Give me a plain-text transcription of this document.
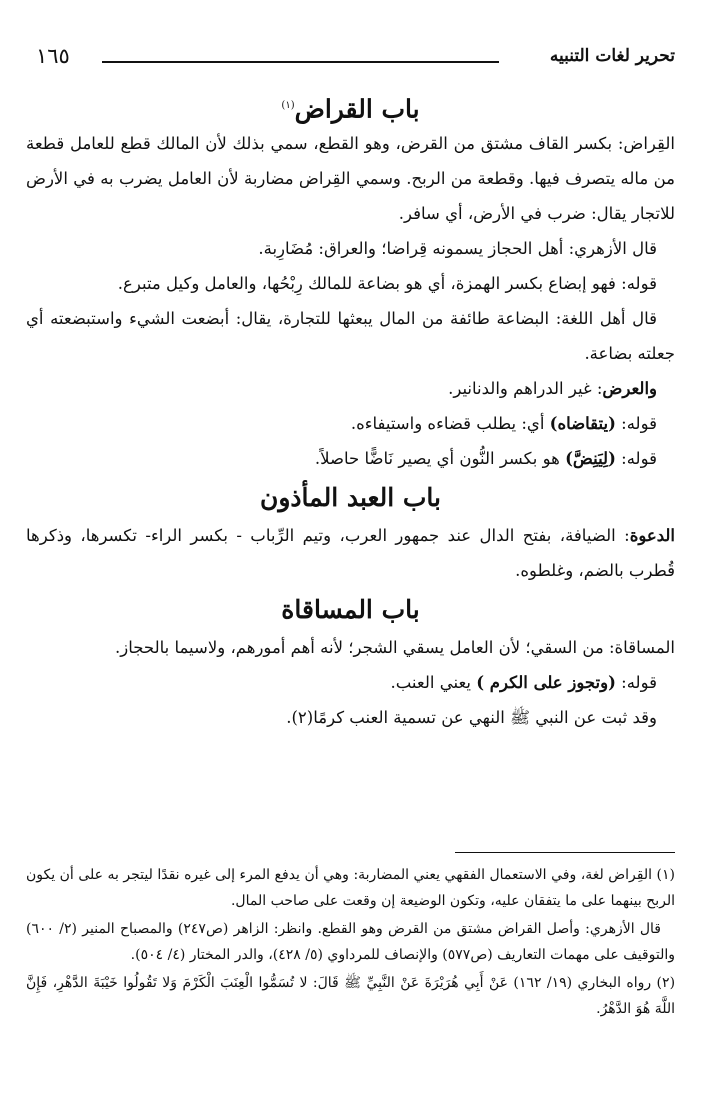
تحرير لغات التنبيه
١٦٥
باب القراض$^{(١)}$

القِراض: بكسر القاف مشتق من القرض، وهو القطع، سمي بذلك لأن المالك قطع للعامل قطعة من ماله يتصرف فيها. وقطعة من الربح. وسمي القِراض مضاربة لأن العامل يضرب به في الأرض للاتجار يقال: ضرب في الأرض، أي سافر.

قال الأزهري: أهل الحجاز يسمونه قِراضا؛ والعراق: مُضَارِبة.

قوله: فهو إبضاع بكسر الهمزة، أي هو بضاعة للمالك رِبْحُها، والعامل وكيل متبرع.

قال أهل اللغة: البضاعة طائفة من المال يبعثها للتجارة، يقال: أبضعت الشيء واستبضعته أي جعلته بضاعة.

والعرض: غير الدراهم والدنانير.

قوله: (يتقاضاه) أي: يطلب قضاءه واستيفاءه.

قوله: (لِيَنِضَّ) هو بكسر النُّون أي يصير نَاضًّا حاصلاً.

باب العبد المأذون

الدعوة: الضيافة، بفتح الدال عند جمهور العرب، وتيم الرِّباب - بكسر الراء- تكسرها، وذكرها قُطرب بالضم، وغلطوه.

باب المساقاة

المساقاة: من السقي؛ لأن العامل يسقي الشجر؛ لأنه أهم أمورهم، ولاسيما بالحجاز.

قوله: (وتجوز على الكرم ) يعني العنب.

وقد ثبت عن النبي ﷺ النهي عن تسمية العنب كرمًا(٢).

(١) القِراض لغة، وفي الاستعمال الفقهي يعني المضاربة: وهي أن يدفع المرء إلى غيره نقدًا ليتجر به على أن يكون الربح بينهما على ما يتفقان عليه، وتكون الوضيعة إن وقعت على صاحب المال.

قال الأزهري: وأصل القراض مشتق من القرض وهو القطع. وانظر: الزاهر (ص٢٤٧) والمصباح المنير (٢/ ٦٠٠) والتوقيف على مهمات التعاريف (ص٥٧٧) والإنصاف للمرداوي (٥/ ٤٢٨)، والدر المختار (٤/ ٥٠٤).

(٢) رواه البخاري (١٩/ ١٦٢) عَنْ أَبِي هُرَيْرَةَ عَنْ النَّبِيِّ ﷺ قَالَ: لا تُسَمُّوا الْعِنَبَ الْكَرْمَ وَلا تَقُولُوا خَيْبَةَ الدَّهْرِ، فَإِنَّ اللَّهَ هُوَ الدَّهْرُ.
